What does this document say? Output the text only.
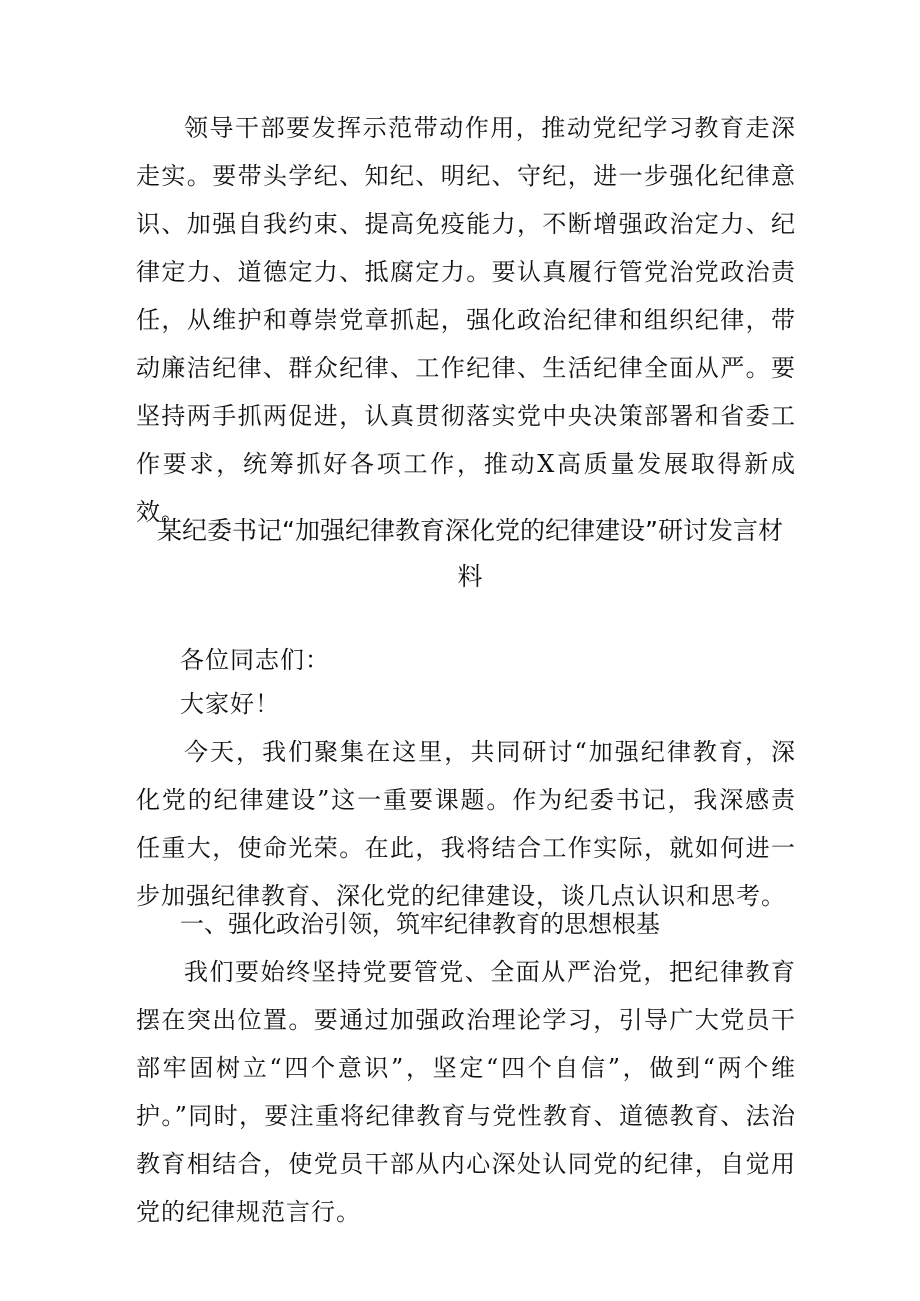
领导干部要发挥示范带动作用，推动党纪学习教育走深走实。要带头学纪、知纪、明纪、守纪，进一步强化纪律意识、加强自我约束、提高免疫能力，不断增强政治定力、纪律定力、道德定力、抵腐定力。要认真履行管党治党政治责任，从维护和尊崇党章抓起，强化政治纪律和组织纪律，带动廉洁纪律、群众纪律、工作纪律、生活纪律全面从严。要坚持两手抓两促进，认真贯彻落实党中央决策部署和省委工作要求，统筹抓好各项工作，推动X高质量发展取得新成效。

某纪委书记“加强纪律教育深化党的纪律建设”研讨发言材料

各位同志们：

大家好！

今天，我们聚集在这里，共同研讨“加强纪律教育，深化党的纪律建设”这一重要课题。作为纪委书记，我深感责任重大，使命光荣。在此，我将结合工作实际，就如何进一步加强纪律教育、深化党的纪律建设，谈几点认识和思考。

一、强化政治引领，筑牢纪律教育的思想根基

我们要始终坚持党要管党、全面从严治党，把纪律教育摆在突出位置。要通过加强政治理论学习，引导广大党员干部牢固树立“四个意识”，坚定“四个自信”，做到“两个维护。”同时，要注重将纪律教育与党性教育、道德教育、法治教育相结合，使党员干部从内心深处认同党的纪律，自觉用党的纪律规范言行。
